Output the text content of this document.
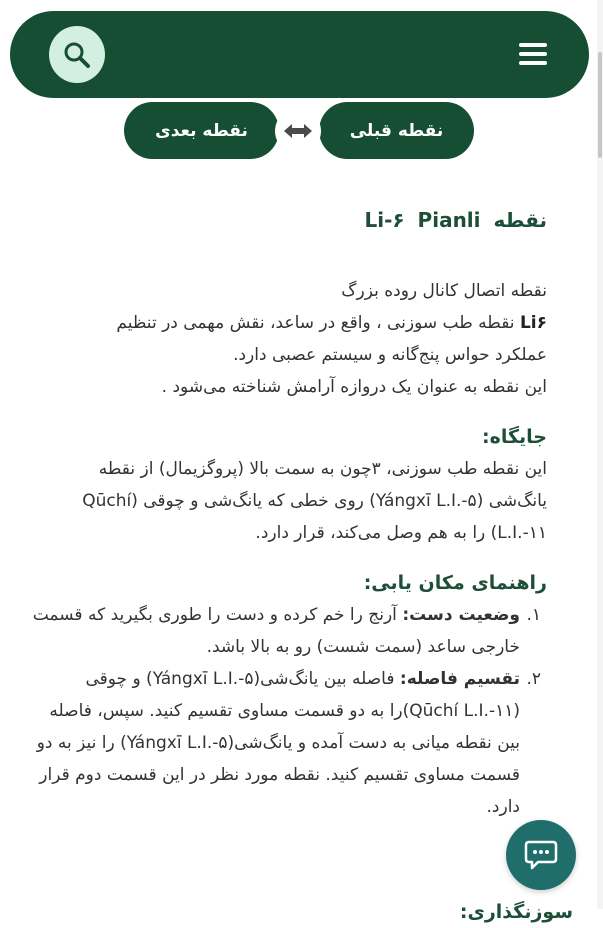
نقطه بعدی	نقطه قبلی
نقطه Li-۶ Pianli
نقطه اتصال کانال روده بزرگ
Li۶ نقطه طب سوزنی ، واقع در ساعد، نقش مهمی در تنظیم عملکرد حواس پنج‌گانه و سیستم عصبی دارد.
این نقطه به عنوان یک دروازه آرامش شناخته می‌شود .
جایگاه:

این نقطه طب سوزنی، ۳چون به سمت بالا (پروگزیمال) از نقطه یانگ‌شی (Yángxī L.I.-۵) روی خطی که یانگ‌شی و چوقی (Qūchí L.I.-۱۱) را به هم وصل می‌کند، قرار دارد.

راهنمای مکان یابی:
۱.
وضعیت دست: آرنج را خم کرده و دست را طوری بگیرید که قسمت خارجی ساعد (سمت شست) رو به بالا باشد.
۲.
تقسیم فاصله: فاصله بین یانگ‌شی(Yángxī L.I.-۵) و چوقی (Qūchí L.I.-۱۱)را به دو قسمت مساوی تقسیم کنید. سپس، فاصله بین نقطه میانی به دست آمده و یانگ‌شی(Yángxī L.I.-۵) را نیز به دو قسمت مساوی تقسیم کنید. نقطه مورد نظر در این قسمت دوم قرار دارد.
سوزنگذاری:
